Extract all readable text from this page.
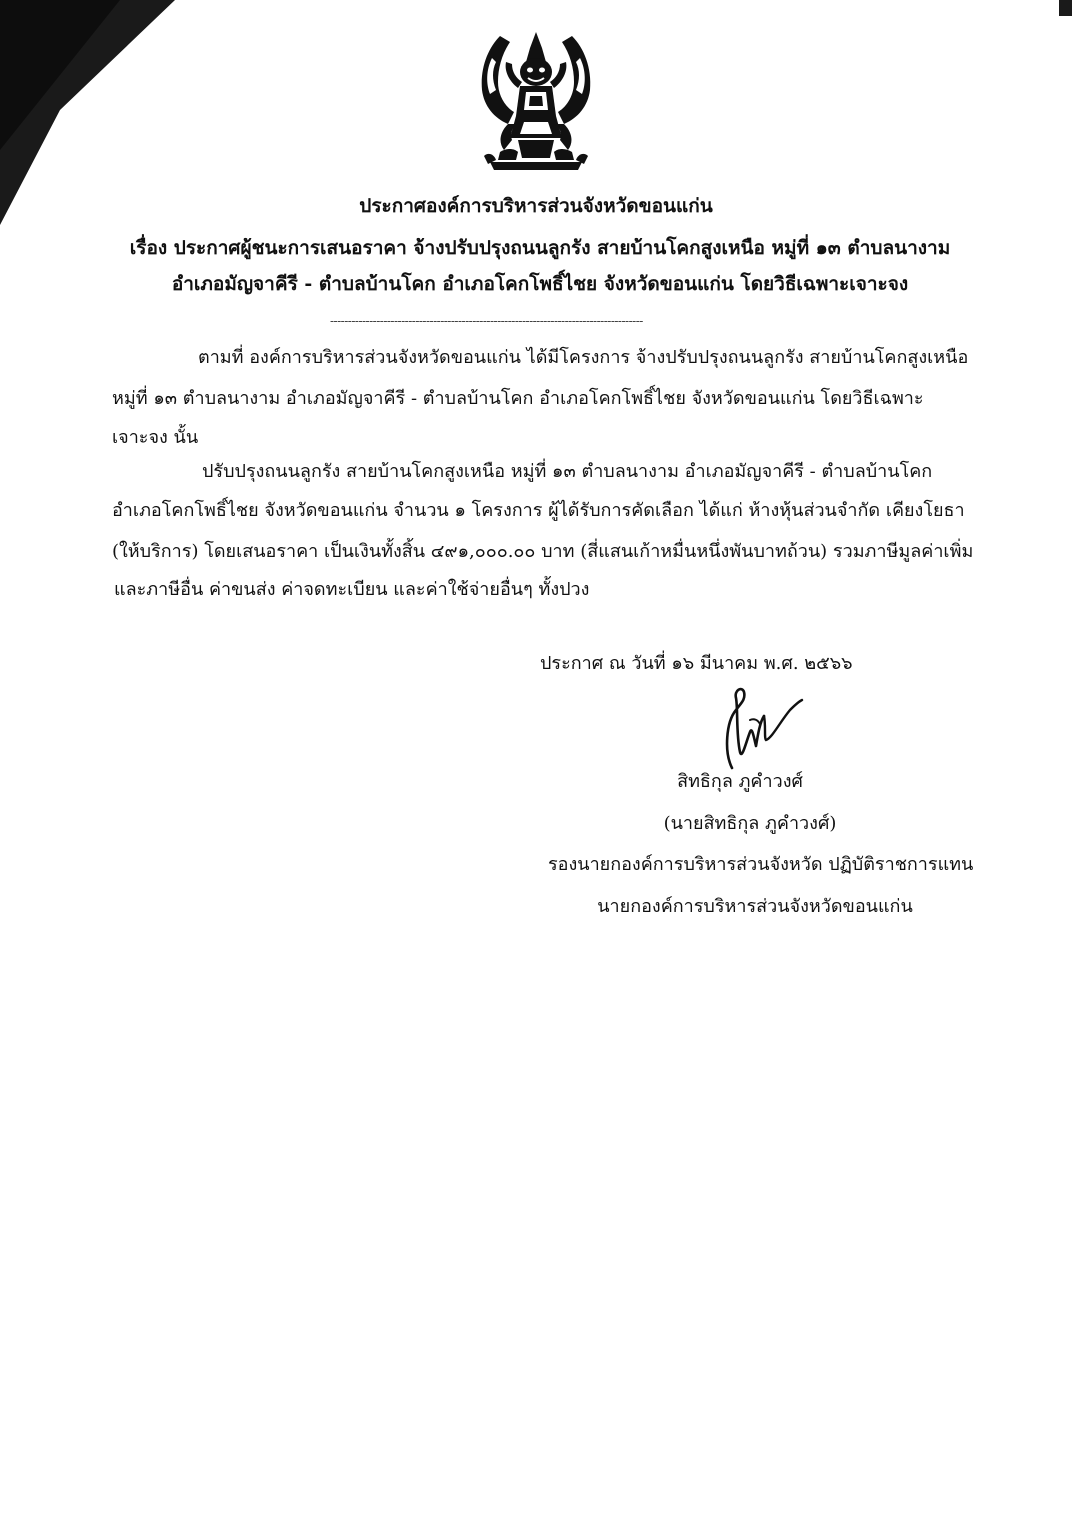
ประกาศองค์การบริหารส่วนจังหวัดขอนแก่น
เรื่อง ประกาศผู้ชนะการเสนอราคา จ้างปรับปรุงถนนลูกรัง สายบ้านโคกสูงเหนือ หมู่ที่ ๑๓ ตำบลนางาม
อำเภอมัญจาคีรี - ตำบลบ้านโคก อำเภอโคกโพธิ์ไชย จังหวัดขอนแก่น โดยวิธีเฉพาะเจาะจง
----------------------------------------------------------------------------------------
ตามที่ องค์การบริหารส่วนจังหวัดขอนแก่น ได้มีโครงการ จ้างปรับปรุงถนนลูกรัง สายบ้านโคกสูงเหนือ
หมู่ที่ ๑๓ ตำบลนางาม อำเภอมัญจาคีรี - ตำบลบ้านโคก อำเภอโคกโพธิ์ไชย จังหวัดขอนแก่น โดยวิธีเฉพาะ
เจาะจง นั้น
ปรับปรุงถนนลูกรัง สายบ้านโคกสูงเหนือ หมู่ที่ ๑๓ ตำบลนางาม อำเภอมัญจาคีรี - ตำบลบ้านโคก
อำเภอโคกโพธิ์ไชย จังหวัดขอนแก่น จำนวน ๑ โครงการ ผู้ได้รับการคัดเลือก ได้แก่ ห้างหุ้นส่วนจำกัด เคียงโยธา
(ให้บริการ) โดยเสนอราคา เป็นเงินทั้งสิ้น ๔๙๑,๐๐๐.๐๐ บาท (สี่แสนเก้าหมื่นหนึ่งพันบาทถ้วน) รวมภาษีมูลค่าเพิ่ม
และภาษีอื่น ค่าขนส่ง ค่าจดทะเบียน และค่าใช้จ่ายอื่นๆ ทั้งปวง
ประกาศ ณ วันที่ ๑๖ มีนาคม พ.ศ. ๒๕๖๖
สิทธิกุล ภูคำวงศ์
(นายสิทธิกุล ภูคำวงศ์)
รองนายกองค์การบริหารส่วนจังหวัด ปฏิบัติราชการแทน
นายกองค์การบริหารส่วนจังหวัดขอนแก่น
